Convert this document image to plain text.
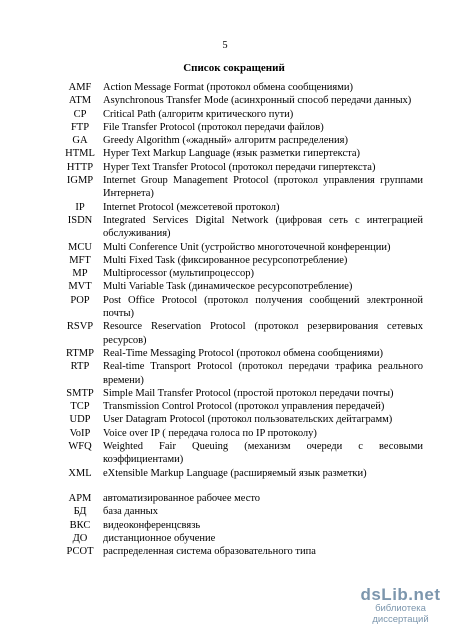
5
Список сокращений
AMF	Action Message Format (протокол обмена сообщениями)
ATM	Asynchronous Transfer Mode (асинхронный способ передачи данных)
CP	Critical Path (алгоритм критического пути)
FTP	File Transfer Protocol (протокол передачи файлов)
GA	Greedy Algorithm («жадный» алгоритм распределения)
HTML Hyper Text Markup Language (язык разметки гипертекста)
HTTP Hyper Text Transfer Protocol (протокол передачи гипертекста)
IGMP Internet Group Management Protocol (протокол управления группами Интернета)
IP	Internet Protocol (межсетевой протокол)
ISDN	Integrated Services Digital Network (цифровая сеть с интеграцией обслуживания)
MCU	Multi Conference Unit (устройство многоточечной конференции)
MFT	Multi Fixed Task (фиксированное ресурсопотребление)
MP	Multiprocessor (мультипроцессор)
MVT	Multi Variable Task (динамическое ресурсопотребление)
POP	Post Office Protocol (протокол получения сообщений электронной почты)
RSVP Resource Reservation Protocol (протокол резервирования сетевых ресурсов)
RTMP Real-Time Messaging Protocol (протокол обмена сообщениями)
RTP	Real-time Transport Protocol (протокол передачи трафика реального времени)
SMTP Simple Mail Transfer Protocol (простой протокол передачи почты)
TCP	Transmission Control Protocol (протокол управления передачей)
UDP	User Datagram Protocol (протокол пользовательских дейтаграмм)
VoIP	Voice over IP ( передача голоса по IP протоколу)
WFQ	Weighted Fair Queuing (механизм очереди с весовыми коэффициентами)
XML	eXtensible Markup Language (расширяемый язык разметки)
АРМ	автоматизированное рабочее место
БД	база данных
ВКС	видеоконференцсвязь
ДО	дистанционное обучение
РСОТ распределенная система образовательного типа
dsLib.net
библиотека диссертаций
